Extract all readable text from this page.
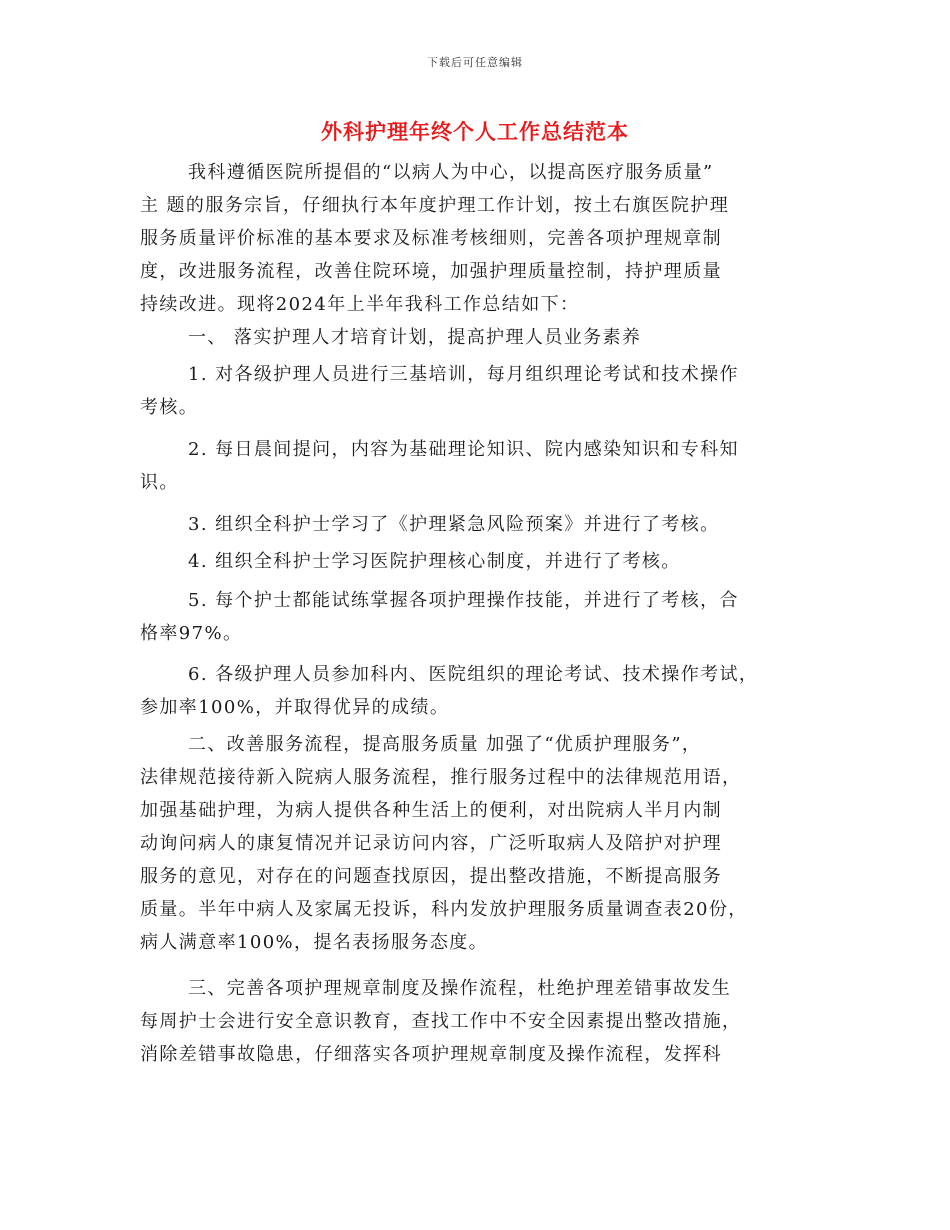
下载后可任意编辑
外科护理年终个人工作总结范本
我科遵循医院所提倡的“以病人为中心，以提高医疗服务质量”
主 题的服务宗旨，仔细执行本年度护理工作计划，按土右旗医院护理
服务质量评价标准的基本要求及标准考核细则，完善各项护理规章制
度，改进服务流程，改善住院环境，加强护理质量控制，持护理质量
持续改进。现将2024年上半年我科工作总结如下：
一、 落实护理人才培育计划，提高护理人员业务素养
1. 对各级护理人员进行三基培训，每月组织理论考试和技术操作
考核。
2. 每日晨间提问，内容为基础理论知识、院内感染知识和专科知
识。
3. 组织全科护士学习了《护理紧急风险预案》并进行了考核。
4. 组织全科护士学习医院护理核心制度，并进行了考核。
5. 每个护士都能试练掌握各项护理操作技能，并进行了考核，合
格率97%。
6. 各级护理人员参加科内、医院组织的理论考试、技术操作考试，
参加率100%，并取得优异的成绩。
二、改善服务流程，提高服务质量 加强了“优质护理服务”，
法律规范接待新入院病人服务流程，推行服务过程中的法律规范用语，
加强基础护理，为病人提供各种生活上的便利，对出院病人半月内制
动询问病人的康复情况并记录访问内容，广泛听取病人及陪护对护理
服务的意见，对存在的问题查找原因，提出整改措施，不断提高服务
质量。半年中病人及家属无投诉，科内发放护理服务质量调查表20份，
病人满意率100%，提名表扬服务态度。
三、完善各项护理规章制度及操作流程，杜绝护理差错事故发生
每周护士会进行安全意识教育，查找工作中不安全因素提出整改措施，
消除差错事故隐患，仔细落实各项护理规章制度及操作流程，发挥科
